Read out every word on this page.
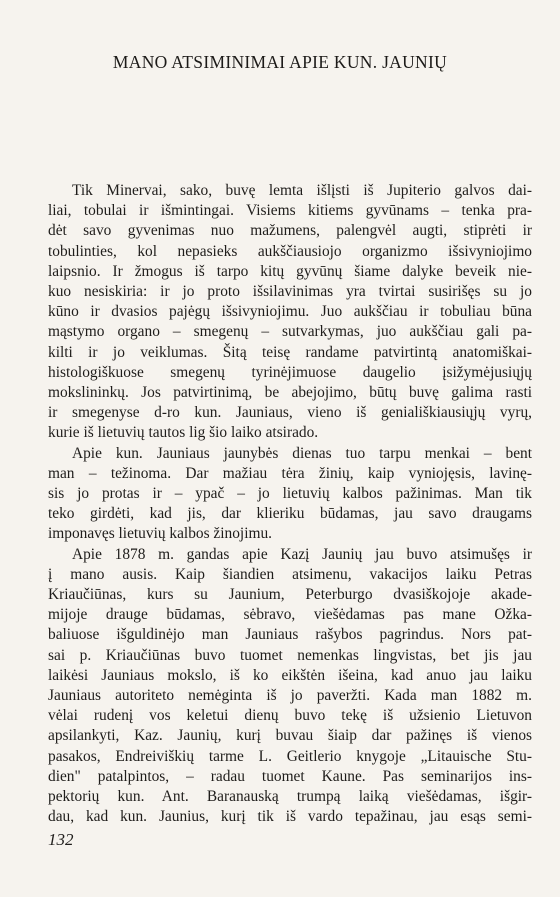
MANO ATSIMINIMAI APIE KUN. JAUNIŲ

Tik Minervai, sako, buvę lemta išlįsti iš Jupiterio galvos dai-
liai, tobulai ir išmintingai. Visiems kitiems gyvūnams – tenka pra-
dėt savo gyvenimas nuo mažumens, palengvėl augti, stiprėti ir
tobulinties, kol nepasieks aukščiausiojo organizmo išsivyniojimo
laipsnio. Ir žmogus iš tarpo kitų gyvūnų šiame dalyke beveik nie-
kuo nesiskiria: ir jo proto išsilavinimas yra tvirtai susirišęs su jo
kūno ir dvasios pajėgų išsivyniojimu. Juo aukščiau ir tobuliau būna
mąstymo organo – smegenų – sutvarkymas, juo aukščiau gali pa-
kilti ir jo veiklumas. Šitą teisę randame patvirtintą anatomiškai-
histologiškuose smegenų tyrinėjimuose daugelio įsižymėjusiųjų
mokslininkų. Jos patvirtinimą, be abejojimo, būtų buvę galima rasti
ir smegenyse d-ro kun. Jauniaus, vieno iš geniališkiausiųjų vyrų,
kurie iš lietuvių tautos lig šio laiko atsirado.

Apie kun. Jauniaus jaunybės dienas tuo tarpu menkai – bent
man – težinoma. Dar mažiau tėra žinių, kaip vyniojęsis, lavinę-
sis jo protas ir – ypač – jo lietuvių kalbos pažinimas. Man tik
teko girdėti, kad jis, dar klieriku būdamas, jau savo draugams
imponavęs lietuvių kalbos žinojimu.

Apie 1878 m. gandas apie Kazį Jaunių jau buvo atsimušęs ir
į mano ausis. Kaip šiandien atsimenu, vakacijos laiku Petras
Kriaučiūnas, kurs su Jaunium, Peterburgo dvasiškojoje akade-
mijoje drauge būdamas, sėbravo, viešėdamas pas mane Ožka-
baliuose išguldinėjo man Jauniaus rašybos pagrindus. Nors pat-
sai p. Kriaučiūnas buvo tuomet nemenkas lingvistas, bet jis jau
laikėsi Jauniaus mokslo, iš ko eikštėn išeina, kad anuo jau laiku
Jauniaus autoriteto nemėginta iš jo paveržti. Kada man 1882 m.
vėlai rudenį vos keletui dienų buvo tekę iš užsienio Lietuvon
apsilankyti, Kaz. Jaunių, kurį buvau šiaip dar pažinęs iš vienos
pasakos, Endreiviškių tarme L. Geitlerio knygoje „Litauische Stu-
dien" patalpintos, – radau tuomet Kaune. Pas seminarijos ins-
pektorių kun. Ant. Baranauską trumpą laiką viešėdamas, išgir-
dau, kad kun. Jaunius, kurį tik iš vardo tepažinau, jau esąs semi-

132
